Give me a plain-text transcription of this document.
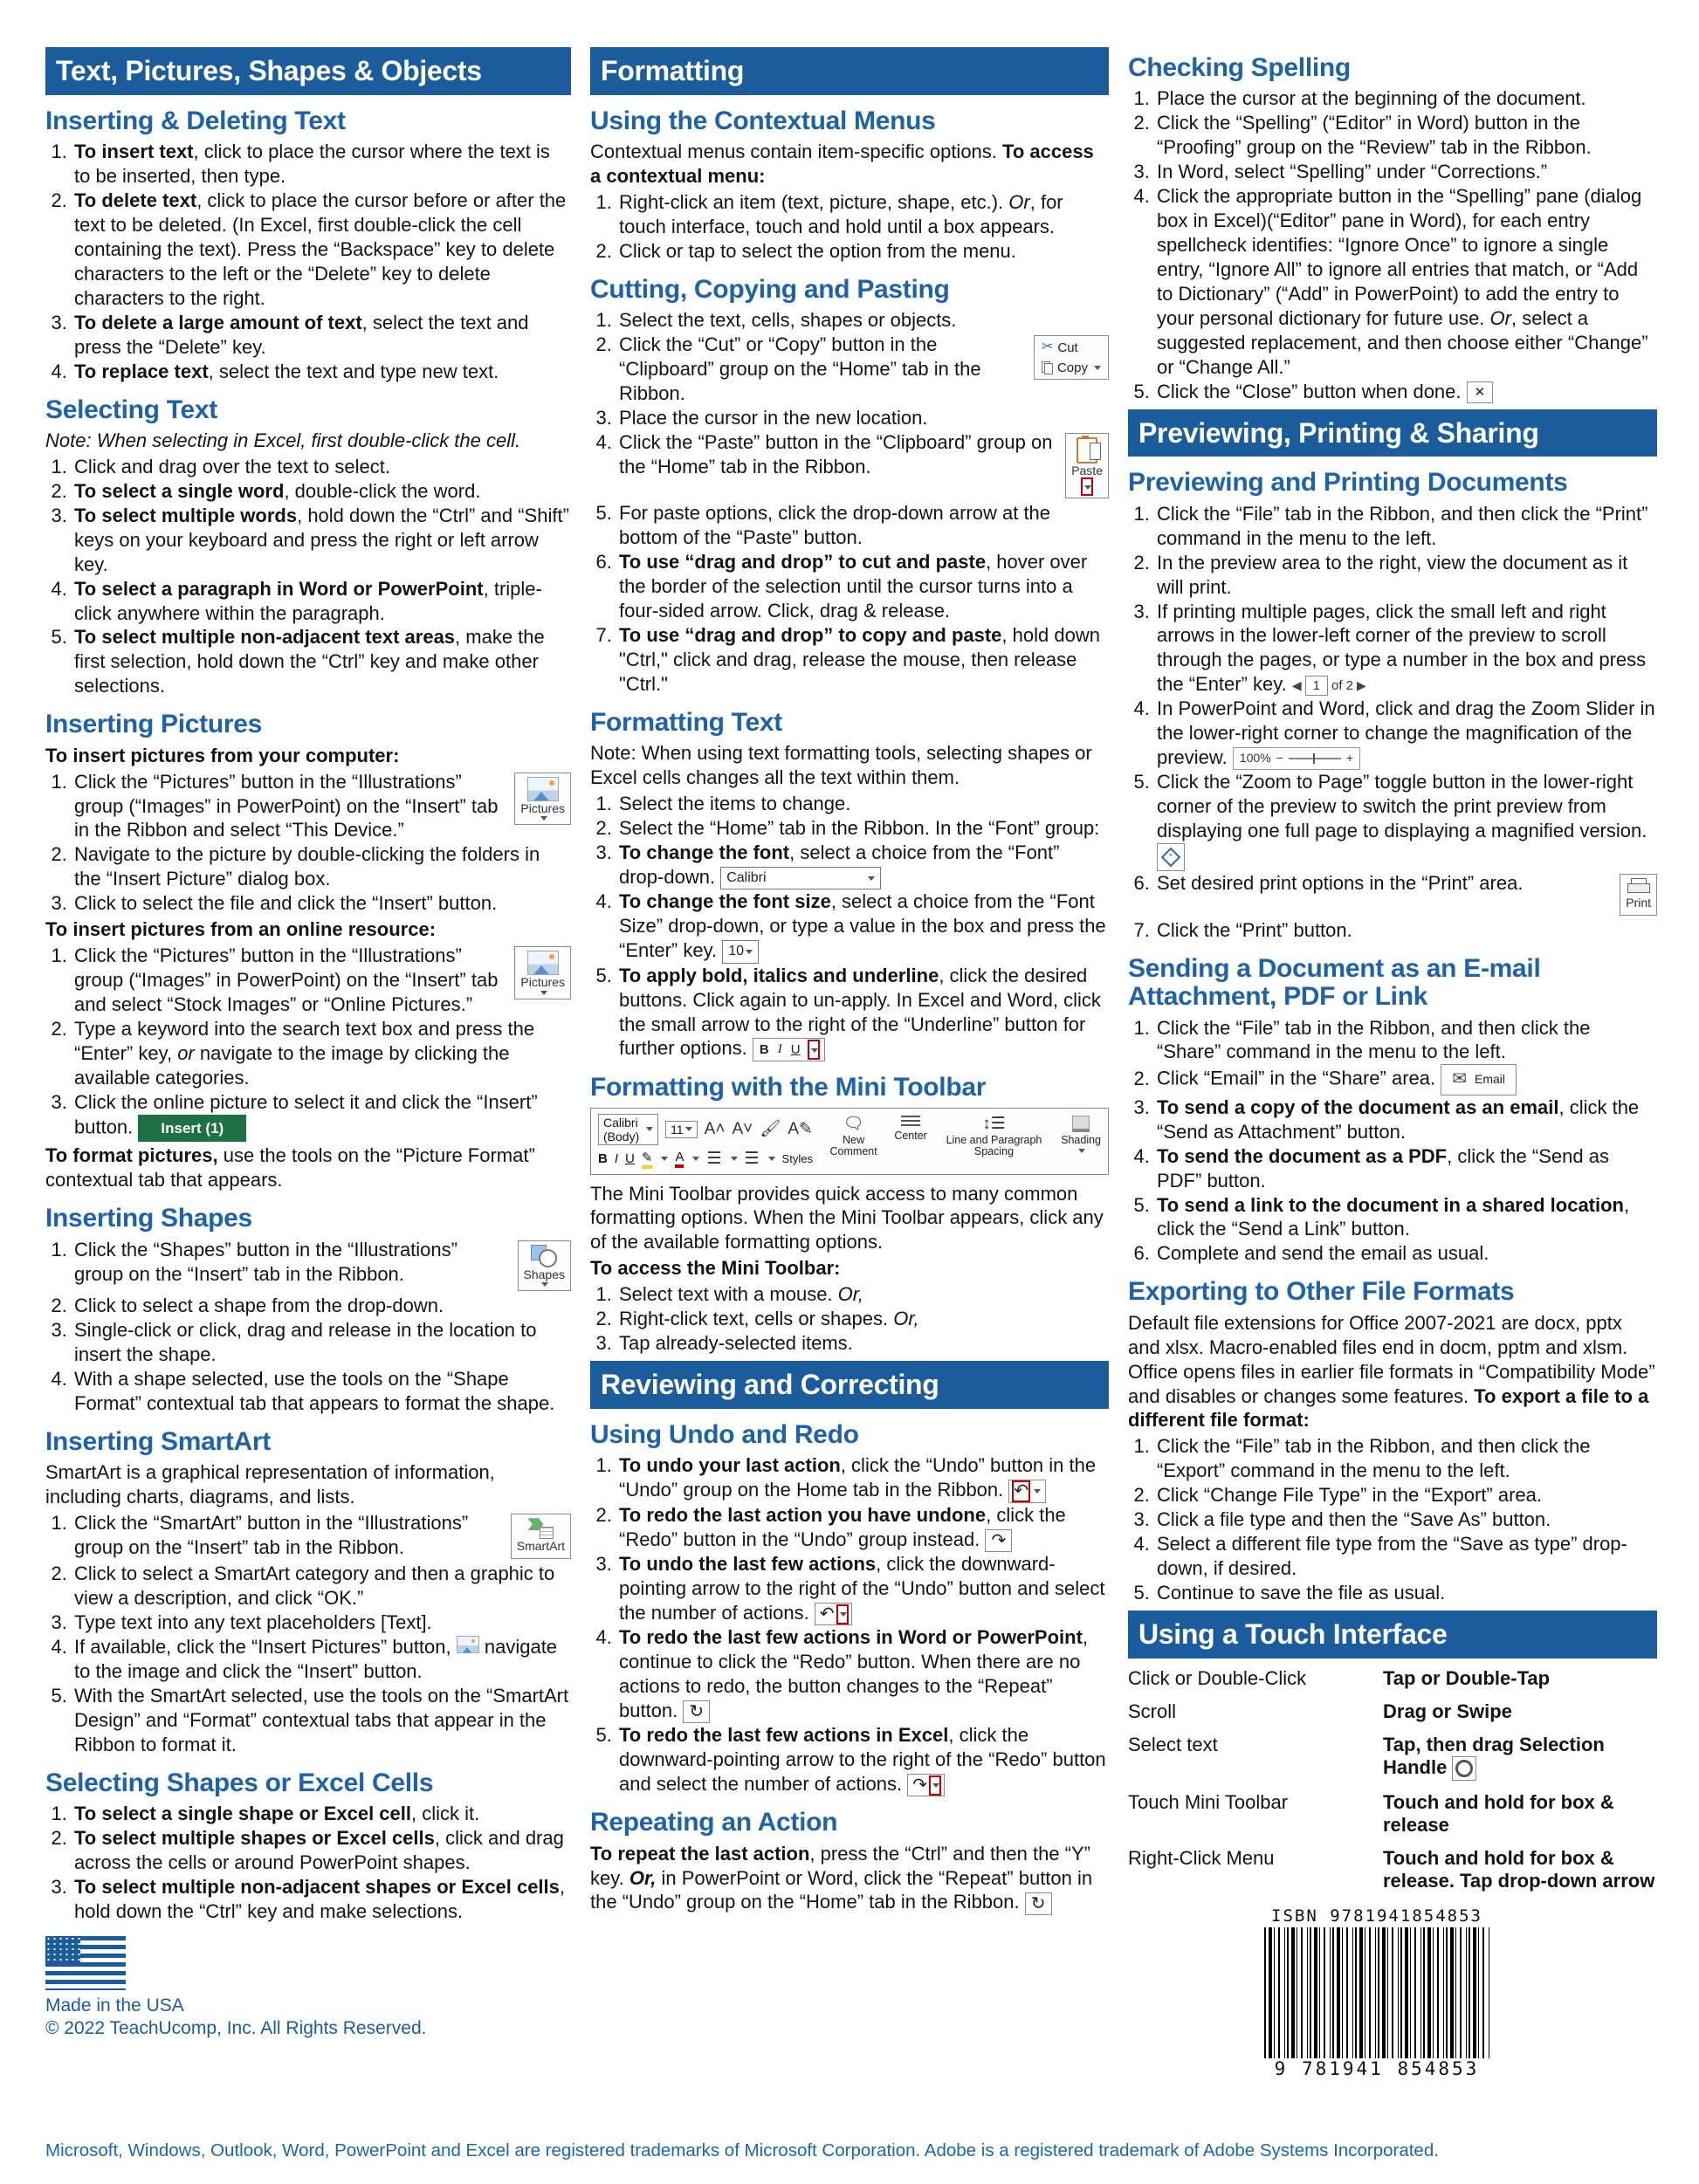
Text, Pictures, Shapes & Objects
Inserting & Deleting Text
1. To insert text, click to place the cursor where the text is to be inserted, then type.
2. To delete text, click to place the cursor before or after the text to be deleted. (In Excel, first double-click the cell containing the text). Press the “Backspace” key to delete characters to the left or the “Delete” key to delete characters to the right.
3. To delete a large amount of text, select the text and press the “Delete” key.
4. To replace text, select the text and type new text.
Selecting Text
Note: When selecting in Excel, first double-click the cell.
1. Click and drag over the text to select.
2. To select a single word, double-click the word.
3. To select multiple words, hold down the “Ctrl” and “Shift” keys on your keyboard and press the right or left arrow key.
4. To select a paragraph in Word or PowerPoint, triple-click anywhere within the paragraph.
5. To select multiple non-adjacent text areas, make the first selection, hold down the “Ctrl” key and make other selections.
Inserting Pictures
To insert pictures from your computer:
1. Pictures
Click the “Pictures” button in the “Illustrations” group (“Images” in PowerPoint) on the “Insert” tab in the Ribbon and select “This Device.”
2. Navigate to the picture by double-clicking the folders in the “Insert Picture” dialog box.
3. Click to select the file and click the “Insert” button.
To insert pictures from an online resource:
1. Pictures
Click the “Pictures” button in the “Illustrations” group (“Images” in PowerPoint) on the “Insert” tab and select “Stock Images” or “Online Pictures.”
2. Type a keyword into the search text box and press the “Enter” key, or navigate to the image by clicking the available categories.
3. Click the online picture to select it and click the “Insert” button. Insert (1)
To format pictures, use the tools on the “Picture Format” contextual tab that appears.
Inserting Shapes
1. Shapes
Click the “Shapes” button in the “Illustrations” group on the “Insert” tab in the Ribbon.
2. Click to select a shape from the drop-down.
3. Single-click or click, drag and release in the location to insert the shape.
4. With a shape selected, use the tools on the “Shape Format” contextual tab that appears to format the shape.
Inserting SmartArt
SmartArt is a graphical representation of information, including charts, diagrams, and lists.
1. SmartArt
Click the “SmartArt” button in the “Illustrations” group on the “Insert” tab in the Ribbon.
2. Click to select a SmartArt category and then a graphic to view a description, and click “OK.”
3. Type text into any text placeholders [Text].
4. If available, click the “Insert Pictures” button,  navigate to the image and click the “Insert” button.
5. With the SmartArt selected, use the tools on the “SmartArt Design” and “Format” contextual tabs that appear in the Ribbon to format it.
Selecting Shapes or Excel Cells
1. To select a single shape or Excel cell, click it.
2. To select multiple shapes or Excel cells, click and drag across the cells or around PowerPoint shapes.
3. To select multiple non-adjacent shapes or Excel cells, hold down the “Ctrl” key and make selections.
Made in the USA
© 2022 TeachUcomp, Inc. All Rights Reserved.
Formatting
Using the Contextual Menus
Contextual menus contain item-specific options. To access a contextual menu:
1. Right-click an item (text, picture, shape, etc.). Or, for touch interface, touch and hold until a box appears.
2. Click or tap to select the option from the menu.
Cutting, Copying and Pasting
1. Select the text, cells, shapes or objects.
2. ✂ Cut
Copy
Click the “Cut” or “Copy” button in the “Clipboard” group on the “Home” tab in the Ribbon.
3. Place the cursor in the new location.
4. Paste
Click the “Paste” button in the “Clipboard” group on the “Home” tab in the Ribbon.
5. For paste options, click the drop-down arrow at the bottom of the “Paste” button.
6. To use “drag and drop” to cut and paste, hover over the border of the selection until the cursor turns into a four-sided arrow. Click, drag & release.
7. To use “drag and drop” to copy and paste, hold down "Ctrl," click and drag, release the mouse, then release "Ctrl."
Formatting Text
Note: When using text formatting tools, selecting shapes or Excel cells changes all the text within them.
1. Select the items to change.
2. Select the “Home” tab in the Ribbon. In the “Font” group:
3. To change the font, select a choice from the “Font” drop-down. Calibri
4. To change the font size, select a choice from the “Font Size” drop-down, or type a value in the box and press the “Enter” key. 10
5. To apply bold, italics and underline, click the desired buttons. Click again to un-apply. In Excel and Word, click the small arrow to the right of the “Underline” button for further options. B I U
Formatting with the Mini Toolbar
Calibri (Body)	11 A˄ A˅ 🖌 A✎
B I U ✎ A ☰ ☰ Styles
🗨
New Comment
Center
↕☰
Line and Paragraph Spacing
Shading
The Mini Toolbar provides quick access to many common formatting options. When the Mini Toolbar appears, click any of the available formatting options.
To access the Mini Toolbar:
1. Select text with a mouse. Or,
2. Right-click text, cells or shapes. Or,
3. Tap already-selected items.
Reviewing and Correcting
Using Undo and Redo
1. To undo your last action, click the “Undo” button in the “Undo” group on the Home tab in the Ribbon. ↶
2. To redo the last action you have undone, click the “Redo” button in the “Undo” group instead. ↷
3. To undo the last few actions, click the downward-pointing arrow to the right of the “Undo” button and select the number of actions. ↶
4. To redo the last few actions in Word or PowerPoint, continue to click the “Redo” button. When there are no actions to redo, the button changes to the “Repeat” button. ↻
5. To redo the last few actions in Excel, click the downward-pointing arrow to the right of the “Redo” button and select the number of actions. ↷
Repeating an Action
To repeat the last action, press the “Ctrl” and then the “Y” key. Or, in PowerPoint or Word, click the “Repeat” button in the “Undo” group on the “Home” tab in the Ribbon. ↻
Checking Spelling
1. Place the cursor at the beginning of the document.
2. Click the “Spelling” (“Editor” in Word) button in the “Proofing” group on the “Review” tab in the Ribbon.
3. In Word, select “Spelling” under “Corrections.”
4. Click the appropriate button in the “Spelling” pane (dialog box in Excel)(“Editor” pane in Word), for each entry spellcheck identifies: “Ignore Once” to ignore a single entry, “Ignore All” to ignore all entries that match, or “Add to Dictionary” (“Add” in PowerPoint) to add the entry to your personal dictionary for future use. Or, select a suggested replacement, and then choose either “Change” or “Change All.”
5. Click the “Close” button when done. ✕
Previewing, Printing & Sharing
Previewing and Printing Documents
1. Click the “File” tab in the Ribbon, and then click the “Print” command in the menu to the left.
2. In the preview area to the right, view the document as it will print.
3. If printing multiple pages, click the small left and right arrows in the lower-left corner of the preview to scroll through the pages, or type a number in the box and press the “Enter” key. ◀ 1 of 2 ▶
4. In PowerPoint and Word, click and drag the Zoom Slider in the lower-right corner to change the magnification of the preview. 100% −	+
5. Click the “Zoom to Page” toggle button in the lower-right corner of the preview to switch the print preview from displaying one full page to displaying a magnified version.
6. Print
Set desired print options in the “Print” area.
7. Click the “Print” button.
Sending a Document as an E-mail Attachment, PDF or Link
1. Click the “File” tab in the Ribbon, and then click the “Share” command in the menu to the left.
2. Click “Email” in the “Share” area. ✉ Email
3. To send a copy of the document as an email, click the “Send as Attachment” button.
4. To send the document as a PDF, click the “Send as PDF” button.
5. To send a link to the document in a shared location, click the “Send a Link” button.
6. Complete and send the email as usual.
Exporting to Other File Formats
Default file extensions for Office 2007-2021 are docx, pptx and xlsx. Macro-enabled files end in docm, pptm and xlsm. Office opens files in earlier file formats in “Compatibility Mode” and disables or changes some features. To export a file to a different file format:
1. Click the “File” tab in the Ribbon, and then click the “Export” command in the menu to the left.
2. Click “Change File Type” in the “Export” area.
3. Click a file type and then the “Save As” button.
4. Select a different file type from the “Save as type” drop-down, if desired.
5. Continue to save the file as usual.
Using a Touch Interface
Click or Double-Click	Tap or Double-Tap
Scroll	Drag or Swipe
Select text	Tap, then drag Selection Handle
Touch Mini Toolbar	Touch and hold for box & release
Right-Click Menu	Touch and hold for box & release. Tap drop-down arrow
ISBN 9781941854853
9 781941 854853
Microsoft, Windows, Outlook, Word, PowerPoint and Excel are registered trademarks of Microsoft Corporation. Adobe is a registered trademark of Adobe Systems Incorporated.
